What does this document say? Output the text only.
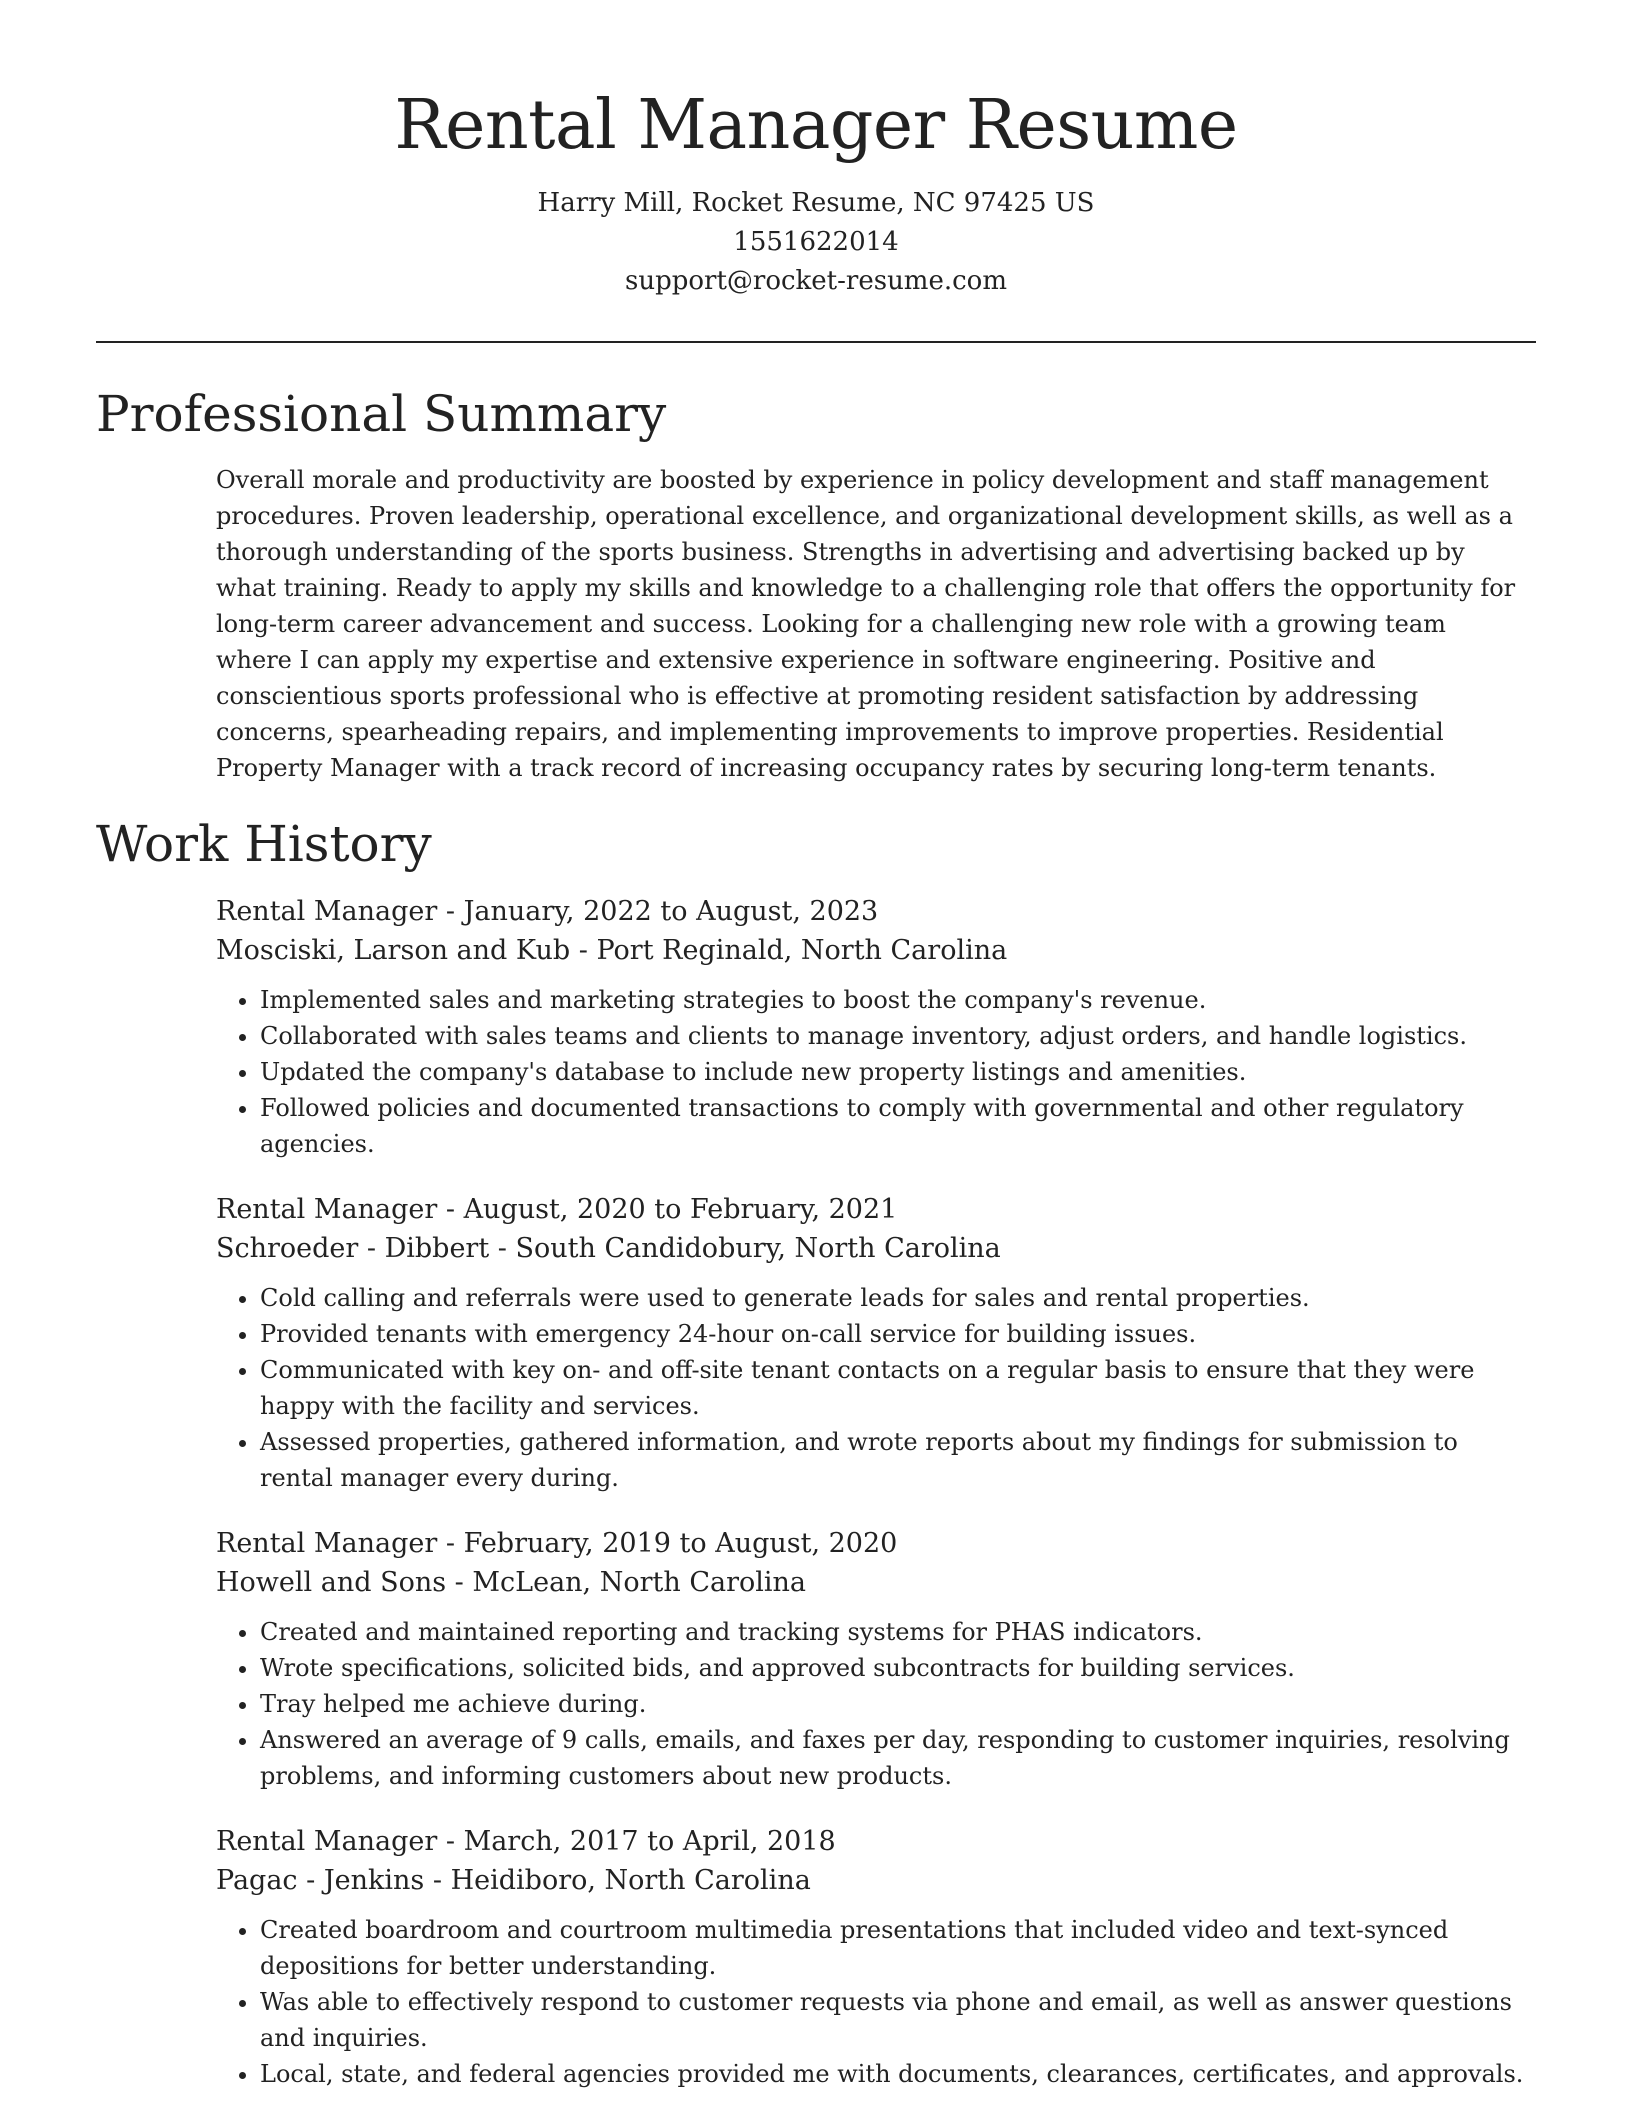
Rental Manager Resume
Harry Mill, Rocket Resume, NC 97425 US
1551622014
support@rocket-resume.com
Professional Summary

Overall morale and productivity are boosted by experience in policy development and staff management procedures. Proven leadership, operational excellence, and organizational development skills, as well as a thorough understanding of the sports business. Strengths in advertising and advertising backed up by what training. Ready to apply my skills and knowledge to a challenging role that offers the opportunity for long-term career advancement and success. Looking for a challenging new role with a growing team where I can apply my expertise and extensive experience in software engineering. Positive and conscientious sports professional who is effective at promoting resident satisfaction by addressing concerns, spearheading repairs, and implementing improvements to improve properties. Residential Property Manager with a track record of increasing occupancy rates by securing long-term tenants.

Work History
Rental Manager - January, 2022 to August, 2023
Mosciski, Larson and Kub - Port Reginald, North Carolina
• Implemented sales and marketing strategies to boost the company's revenue.
• Collaborated with sales teams and clients to manage inventory, adjust orders, and handle logistics.
• Updated the company's database to include new property listings and amenities.
• Followed policies and documented transactions to comply with governmental and other regulatory agencies.
Rental Manager - August, 2020 to February, 2021
Schroeder - Dibbert - South Candidobury, North Carolina
• Cold calling and referrals were used to generate leads for sales and rental properties.
• Provided tenants with emergency 24-hour on-call service for building issues.
• Communicated with key on- and off-site tenant contacts on a regular basis to ensure that they were happy with the facility and services.
• Assessed properties, gathered information, and wrote reports about my findings for submission to rental manager every during.
Rental Manager - February, 2019 to August, 2020
Howell and Sons - McLean, North Carolina
• Created and maintained reporting and tracking systems for PHAS indicators.
• Wrote specifications, solicited bids, and approved subcontracts for building services.
• Tray helped me achieve during.
• Answered an average of 9 calls, emails, and faxes per day, responding to customer inquiries, resolving problems, and informing customers about new products.
Rental Manager - March, 2017 to April, 2018
Pagac - Jenkins - Heidiboro, North Carolina
• Created boardroom and courtroom multimedia presentations that included video and text-synced depositions for better understanding.
• Was able to effectively respond to customer requests via phone and email, as well as answer questions and inquiries.
• Local, state, and federal agencies provided me with documents, clearances, certificates, and approvals.
